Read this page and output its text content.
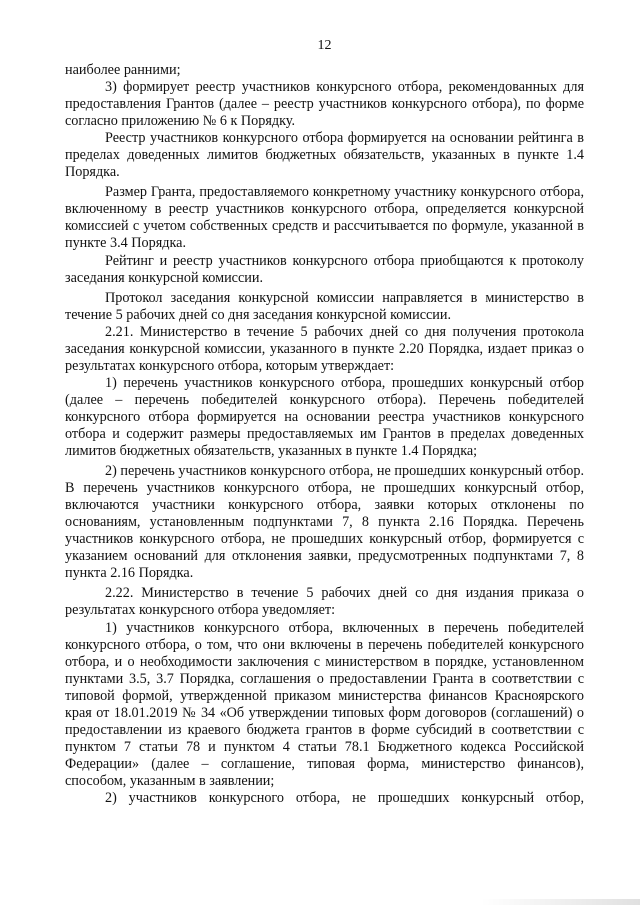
12

наиболее ранними;

3) формирует реестр участников конкурсного отбора, рекомендованных для предоставления Грантов (далее – реестр участников конкурсного отбора), по форме согласно приложению № 6 к Порядку.

Реестр участников конкурсного отбора формируется на основании рейтинга в пределах доведенных лимитов бюджетных обязательств, указанных в пункте 1.4 Порядка.

Размер Гранта, предоставляемого конкретному участнику конкурсного отбора, включенному в реестр участников конкурсного отбора, определяется конкурсной комиссией с учетом собственных средств и рассчитывается по формуле, указанной в пункте 3.4 Порядка.

Рейтинг и реестр участников конкурсного отбора приобщаются к протоколу заседания конкурсной комиссии.

Протокол заседания конкурсной комиссии направляется в министерство в течение 5 рабочих дней со дня заседания конкурсной комиссии.

2.21. Министерство в течение 5 рабочих дней со дня получения протокола заседания конкурсной комиссии, указанного в пункте 2.20 Порядка, издает приказ о результатах конкурсного отбора, которым утверждает:

1) перечень участников конкурсного отбора, прошедших конкурсный отбор (далее – перечень победителей конкурсного отбора). Перечень победителей конкурсного отбора формируется на основании реестра участников конкурсного отбора и содержит размеры предоставляемых им Грантов в пределах доведенных лимитов бюджетных обязательств, указанных в пункте 1.4 Порядка;

2) перечень участников конкурсного отбора, не прошедших конкурсный отбор. В перечень участников конкурсного отбора, не прошедших конкурсный отбор, включаются участники конкурсного отбора, заявки которых отклонены по основаниям, установленным подпунктами 7, 8 пункта 2.16 Порядка. Перечень участников конкурсного отбора, не прошедших конкурсный отбор, формируется с указанием оснований для отклонения заявки, предусмотренных подпунктами 7, 8 пункта 2.16 Порядка.

2.22. Министерство в течение 5 рабочих дней со дня издания приказа о результатах конкурсного отбора уведомляет:

1) участников конкурсного отбора, включенных в перечень победителей конкурсного отбора, о том, что они включены в перечень победителей конкурсного отбора, и о необходимости заключения с министерством в порядке, установленном пунктами 3.5, 3.7 Порядка, соглашения о предоставлении Гранта в соответствии с типовой формой, утвержденной приказом министерства финансов Красноярского края от 18.01.2019 № 34 «Об утверждении типовых форм договоров (соглашений) о предоставлении из краевого бюджета грантов в форме субсидий в соответствии с пунктом 7 статьи 78 и пунктом 4 статьи 78.1 Бюджетного кодекса Российской Федерации» (далее – соглашение, типовая форма, министерство финансов), способом, указанным в заявлении;

2) участников конкурсного отбора, не прошедших конкурсный отбор,
